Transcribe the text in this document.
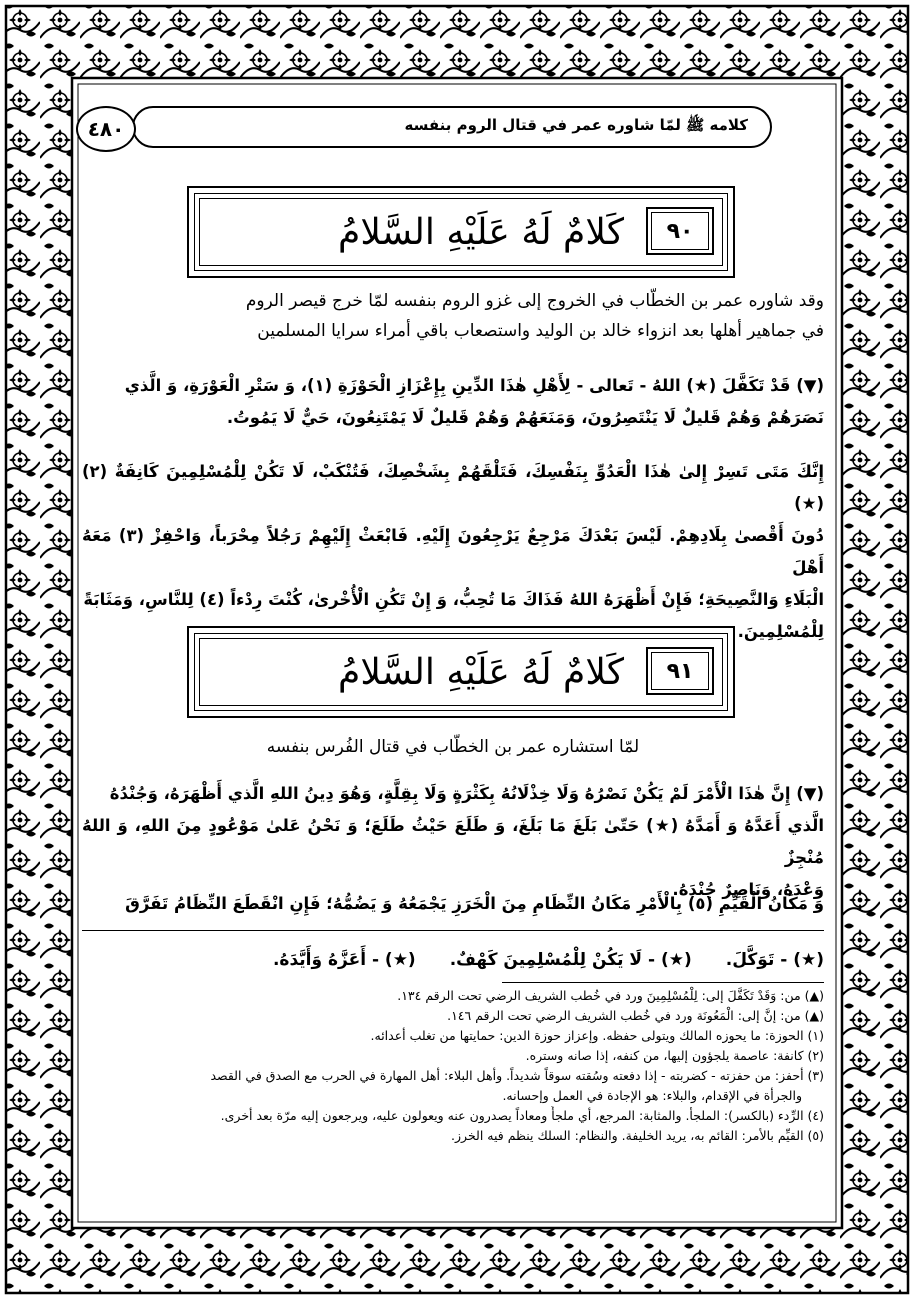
كلامه ﷺ لمّا شاوره عمر في قتال الروم بنفسه
٤٨٠
كَلامٌ لَهُ عَلَيْهِ السَّلامُ	٩٠
وقد شاوره عمر بن الخطّاب في الخروج إلى غزو الروم بنفسه لمّا خرج قيصر الروم
في جماهير أهلها بعد انزواء خالد بن الوليد واستصعاب باقي أمراء سرايا المسلمين
(▼) قَدْ تَكَفَّلَ (★) اللهُ - تَعالى - لِأَهْلِ هٰذَا الدِّينِ بِإِعْزَازِ الْحَوْزَةِ (١)، وَ سَتْرِ الْعَوْرَةِ، وَ الَّذي
نَصَرَهُمْ وَهُمْ قَليلٌ لَا يَنْتَصِرُونَ، وَمَنَعَهُمْ وَهُمْ قَليلٌ لَا يَمْتَنِعُونَ، حَيٌّ لَا يَمُوتُ.
إِنَّكَ مَتَى تَسِرْ إِلىٰ هٰذَا الْعَدُوِّ بِنَفْسِكَ، فَتَلْقَهُمْ بِشَخْصِكَ، فَتُنْكَبْ، لَا تَكُنْ لِلْمُسْلِمِينَ كَانِفَةٌ (٢)(★)
دُونَ أَقْصىٰ بِلَادِهِمْ. لَيْسَ بَعْدَكَ مَرْجِعٌ يَرْجِعُونَ إِلَيْهِ. فَابْعَثْ إِلَيْهِمْ رَجُلاً مِحْرَباً، وَاحْفِزْ (٣) مَعَهُ أَهْلَ
الْبَلَاءِ وَالنَّصِيحَةِ؛ فَإِنْ أَظْهَرَهُ اللهُ فَذَاكَ مَا تُحِبُّ، وَ إِنْ تَكُنِ الْأُخْرىٰ، كُنْتَ رِدْءاً (٤) لِلنَّاسِ، وَمَثَابَةً
لِلْمُسْلِمِينَ.
كَلامٌ لَهُ عَلَيْهِ السَّلامُ	٩١
لمّا استشاره عمر بن الخطّاب في قتال الفُرس بنفسه
(▼) إِنَّ هٰذَا الْأَمْرَ لَمْ يَكُنْ نَصْرُهُ وَلَا خِذْلَانُهُ بِكَثْرَةٍ وَلَا بِقِلَّةٍ، وَهُوَ دِينُ اللهِ الَّذي أَظْهَرَهُ، وَجُنْدُهُ
الَّذي أَعَدَّهُ وَ أَمَدَّهُ (★) حَتّىٰ بَلَغَ مَا بَلَغَ، وَ طَلَعَ حَيْثُ طَلَعَ؛ وَ نَحْنُ عَلىٰ مَوْعُودٍ مِنَ اللهِ، وَ اللهُ مُنْجِزٌ
وَعْدَهُ، وَنَاصِرٌ جُنْدَهُ.
وَ مَكَانُ الْقَيِّمِ (٥) بِالْأَمْرِ مَكَانُ النِّظَامِ مِنَ الْخَرَزِ يَجْمَعُهُ وَ يَضُمُّهُ؛ فَإِنِ انْقَطَعَ النِّظَامُ تَفَرَّقَ
(★) - تَوَكَّلَ.
(★) - لَا يَكُنْ لِلْمُسْلِمِينَ كَهْفٌ.
(★) - أَعَزَّهُ وَأَيَّدَهُ.
(▲) من: وَقَدْ تَكَفَّلَ إلى: لِلْمُسْلِمِينَ ورد في خُطب الشريف الرضي تحت الرقم ١٣٤.
(▲) من: إنَّ إلى: الْمَعُونَة ورد في خُطب الشريف الرضي تحت الرقم ١٤٦.
(١) الحوزة: ما يحوزه المالك ويتولى حفظه. وإعزاز حوزة الدين: حمايتها من تغلب أعدائه.
(٢) كانفة: عاصمة يلجؤون إليها، من كنفه، إذا صانه وستره.
(٣) أحفز: من حفزته - كضربته - إذا دفعته وسُقته سوقاً شديداً. وأهل البلاء: أهل المهارة في الحرب مع الصدق في القصد
والجرأة في الإقدام، والبلاء: هو الإجادة في العمل وإحسانه.
(٤) الرِّدء (بالكسر): الملجأ. والمثابة: المرجع، أي ملجأً ومعاداً يصدرون عنه ويعولون عليه، ويرجعون إليه مرّة بعد أخرى.
(٥) القيِّم بالأمر: القائم به، يريد الخليفة. والنظام: السلك ينظم فيه الخرز.
